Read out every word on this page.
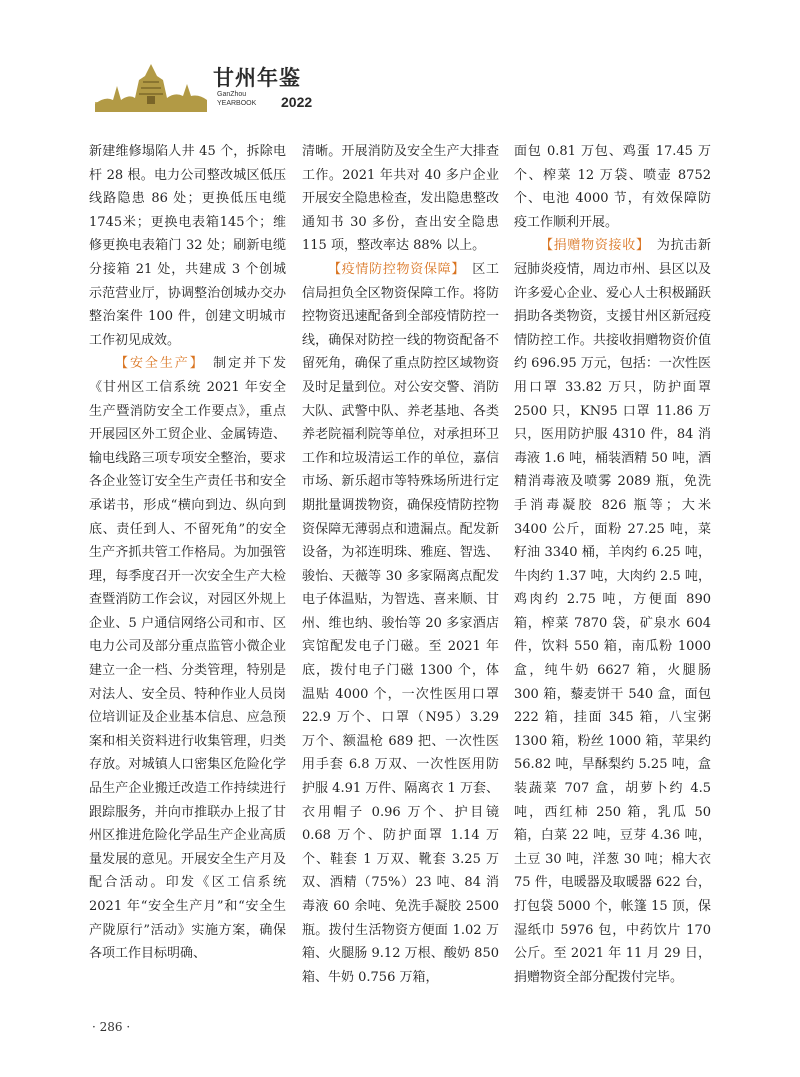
甘州年鉴
GanZhou
YEARBOOK 2022

新建维修塌陷人井 45 个，拆除电杆 28 根。电力公司整改城区低压线路隐患 86 处；更换低压电缆1745米；更换电表箱145个；维修更换电表箱门 32 处；刷新电缆分接箱 21 处，共建成 3 个创城示范营业厅，协调整治创城办交办整治案件 100 件，创建文明城市工作初见成效。

【安全生产】　制定并下发《甘州区工信系统 2021 年安全生产暨消防安全工作要点》，重点开展园区外工贸企业、金属铸造、输电线路三项专项安全整治，要求各企业签订安全生产责任书和安全承诺书，形成“横向到边、纵向到底、责任到人、不留死角”的安全生产齐抓共管工作格局。为加强管理，每季度召开一次安全生产大检查暨消防工作会议，对园区外规上企业、5 户通信网络公司和市、区电力公司及部分重点监管小微企业建立一企一档、分类管理，特别是对法人、安全员、特种作业人员岗位培训证及企业基本信息、应急预案和相关资料进行收集管理，归类存放。对城镇人口密集区危险化学品生产企业搬迁改造工作持续进行跟踪服务，并向市推联办上报了甘州区推进危险化学品生产企业高质量发展的意见。开展安全生产月及配合活动。印发《区工信系统 2021 年“安全生产月”和“安全生产陇原行”活动》实施方案，确保各项工作目标明确、

清晰。开展消防及安全生产大排查工作。2021 年共对 40 多户企业开展安全隐患检查，发出隐患整改通知书 30 多份，查出安全隐患 115 项，整改率达 88% 以上。

【疫情防控物资保障】　区工信局担负全区物资保障工作。将防控物资迅速配备到全部疫情防控一线，确保对防控一线的物资配备不留死角，确保了重点防控区域物资及时足量到位。对公安交警、消防大队、武警中队、养老基地、各类养老院福利院等单位，对承担环卫工作和垃圾清运工作的单位，嘉信市场、新乐超市等特殊场所进行定期批量调拨物资，确保疫情防控物资保障无薄弱点和遗漏点。配发新设备，为祁连明珠、雅庭、智选、骏怡、天薇等 30 多家隔离点配发电子体温贴，为智选、喜来顺、甘州、维也纳、骏怡等 20 多家酒店宾馆配发电子门磁。至 2021 年底，拨付电子门磁 1300 个，体温贴 4000 个，一次性医用口罩 22.9 万个、口罩（N95）3.29 万个、额温枪 689 把、一次性医用手套 6.8 万双、一次性医用防护服 4.91 万件、隔离衣 1 万套、衣用帽子 0.96 万个、护目镜 0.68 万个、防护面罩 1.14 万个、鞋套 1 万双、靴套 3.25 万双、酒精（75%）23 吨、84 消毒液 60 余吨、免洗手凝胶 2500 瓶。拨付生活物资方便面 1.02 万箱、火腿肠 9.12 万根、酸奶 850 箱、牛奶 0.756 万箱，

面包 0.81 万包、鸡蛋 17.45 万个、榨菜 12 万袋、喷壶 8752 个、电池 4000 节，有效保障防疫工作顺利开展。

【捐赠物资接收】　为抗击新冠肺炎疫情，周边市州、县区以及许多爱心企业、爱心人士积极踊跃捐助各类物资，支援甘州区新冠疫情防控工作。共接收捐赠物资价值约 696.95 万元，包括：一次性医用口罩 33.82 万只，防护面罩 2500 只，KN95 口罩 11.86 万只，医用防护服 4310 件，84 消毒液 1.6 吨，桶装酒精 50 吨，酒精消毒液及喷雾 2089 瓶，免洗手消毒凝胶 826 瓶等；大米 3400 公斤，面粉 27.25 吨，菜籽油 3340 桶，羊肉约 6.25 吨，牛肉约 1.37 吨，大肉约 2.5 吨，鸡肉约 2.75 吨，方便面 890 箱，榨菜 7870 袋，矿泉水 604 件，饮料 550 箱，南瓜粉 1000 盒，纯牛奶 6627 箱，火腿肠 300 箱，藜麦饼干 540 盒，面包 222 箱，挂面 345 箱，八宝粥 1300 箱，粉丝 1000 箱，苹果约 56.82 吨，旱酥梨约 5.25 吨，盒装蔬菜 707 盒，胡萝卜约 4.5 吨，西红柿 250 箱，乳瓜 50 箱，白菜 22 吨，豆芽 4.36 吨，土豆 30 吨，洋葱 30 吨；棉大衣 75 件，电暖器及取暖器 622 台，打包袋 5000 个，帐篷 15 顶，保湿纸巾 5976 包，中药饮片 170 公斤。至 2021 年 11 月 29 日，捐赠物资全部分配拨付完毕。

· 286 ·
